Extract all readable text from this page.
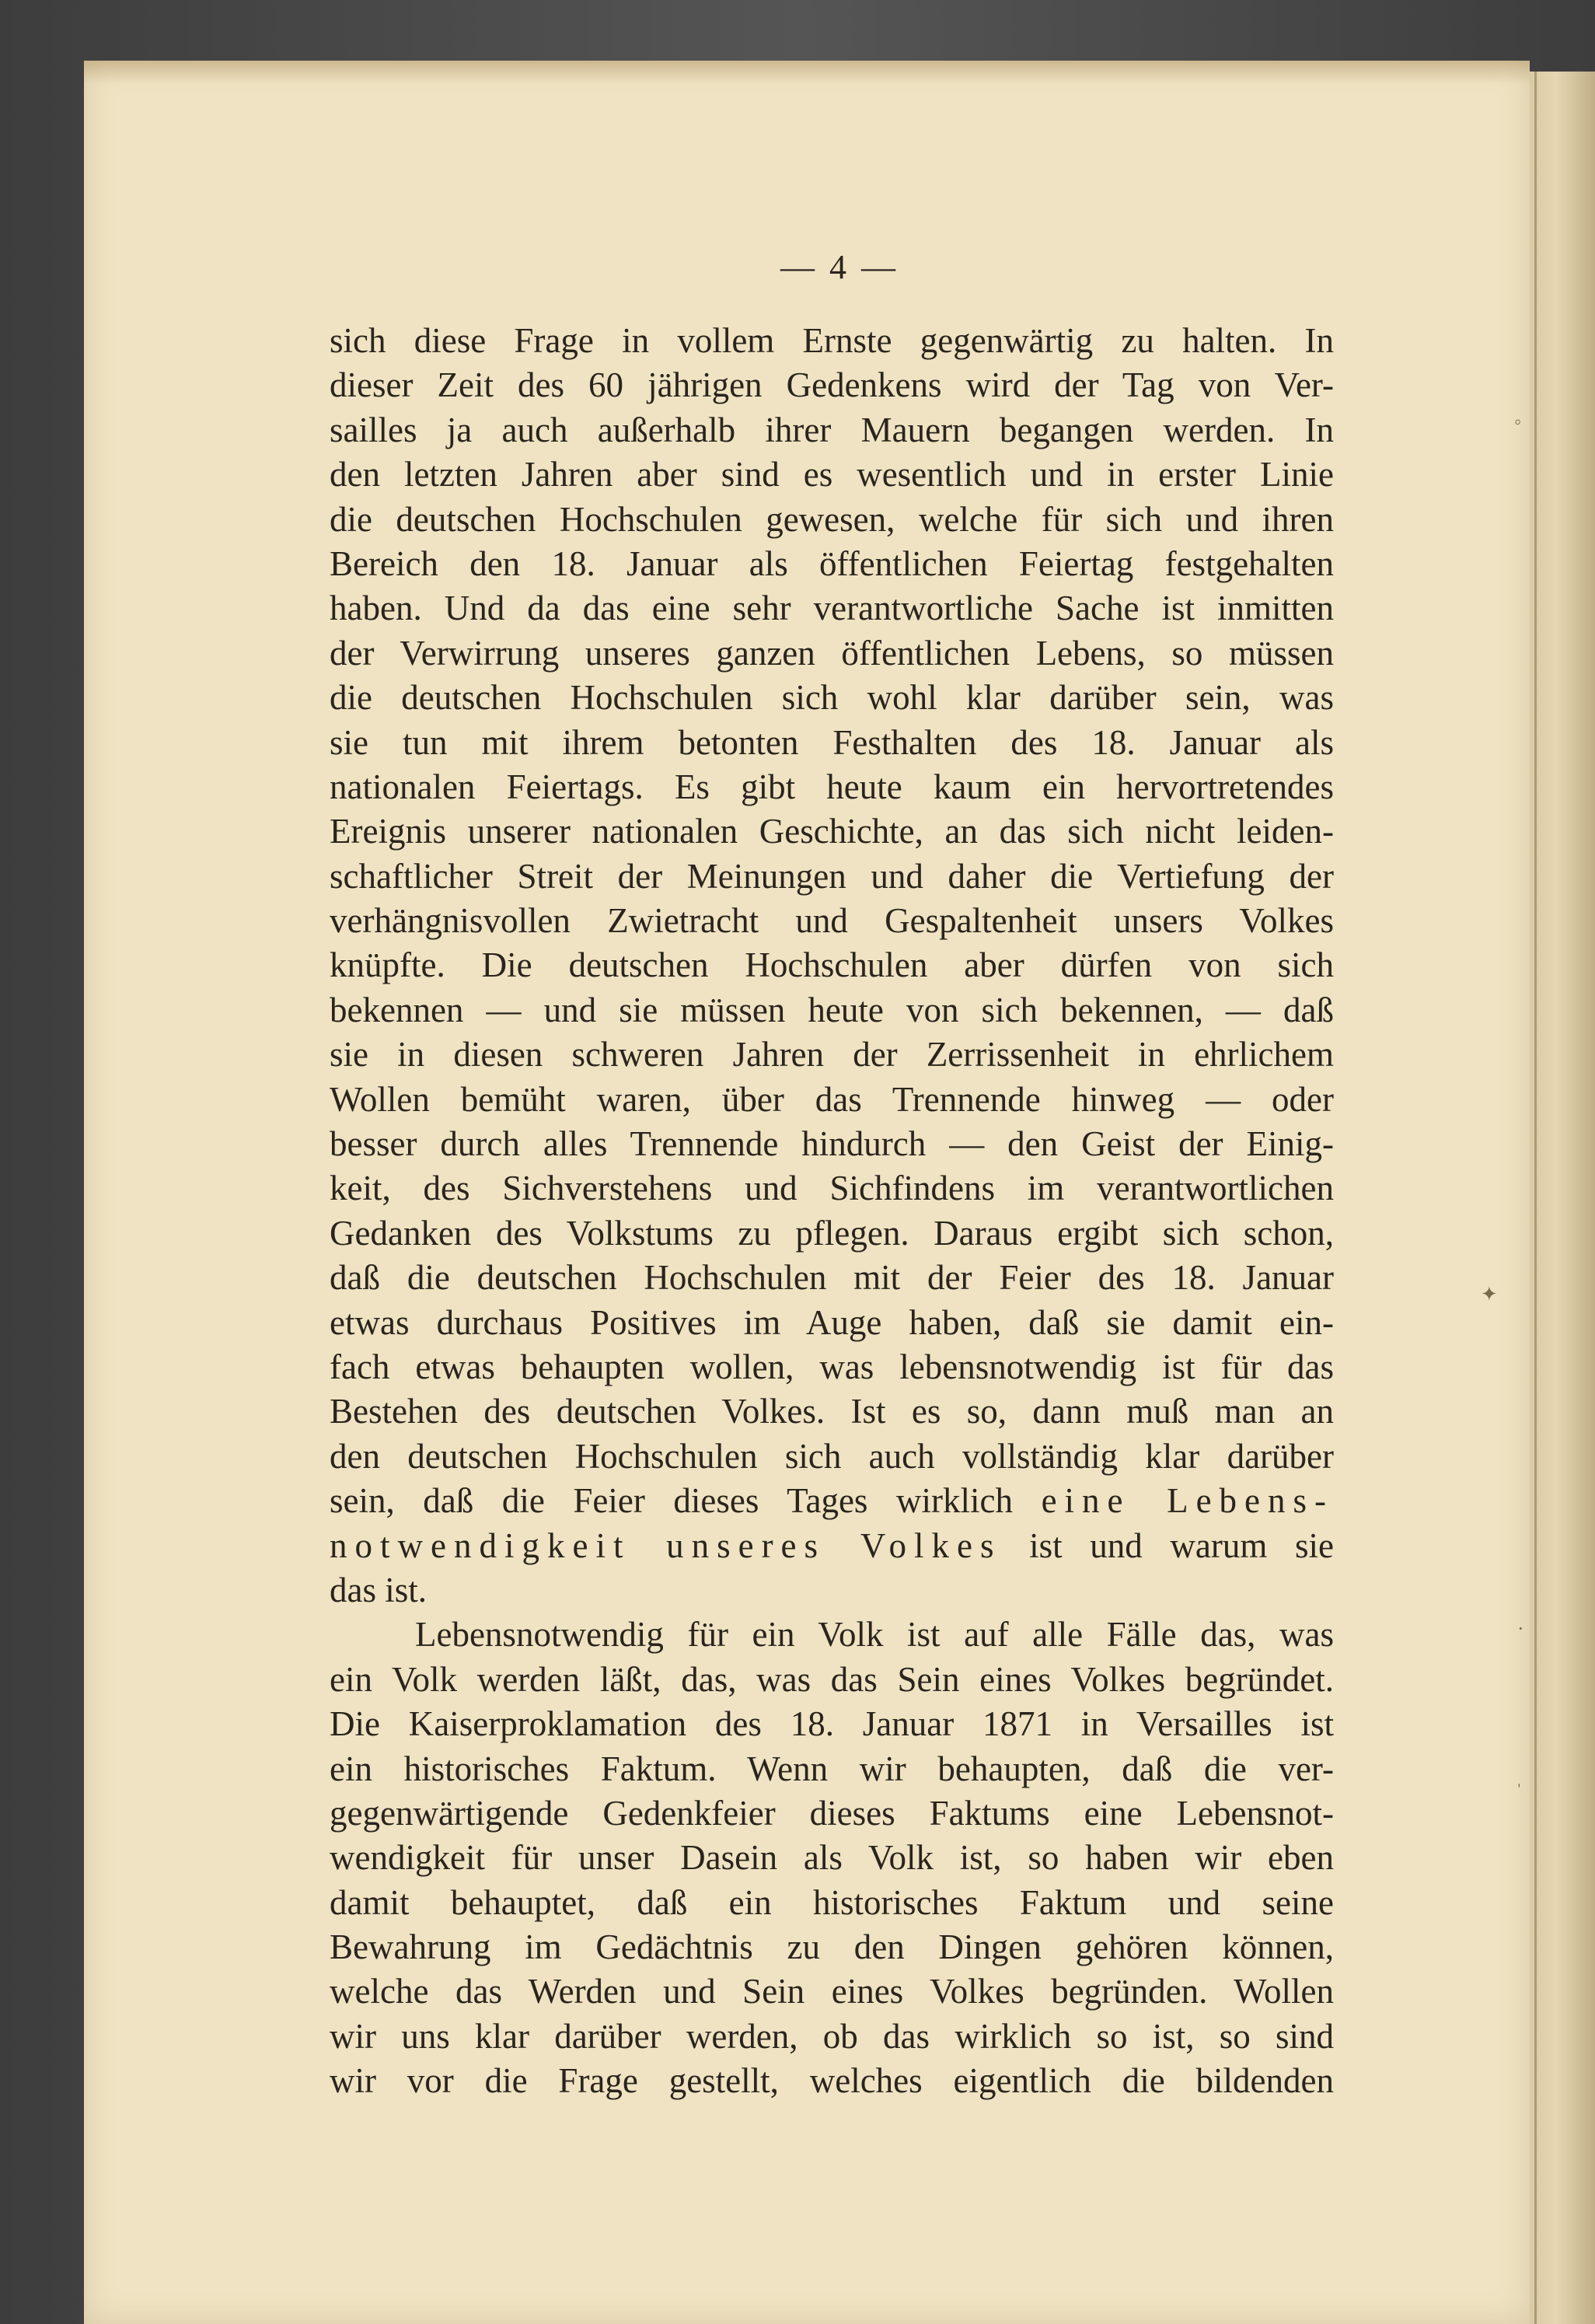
— 4 —
sich diese Frage in vollem Ernste gegenwärtig zu halten. In
dieser Zeit des 60 jährigen Gedenkens wird der Tag von Ver-
sailles ja auch außerhalb ihrer Mauern begangen werden. In
den letzten Jahren aber sind es wesentlich und in erster Linie
die deutschen Hochschulen gewesen, welche für sich und ihren
Bereich den 18. Januar als öffentlichen Feiertag festgehalten
haben. Und da das eine sehr verantwortliche Sache ist inmitten
der Verwirrung unseres ganzen öffentlichen Lebens, so müssen
die deutschen Hochschulen sich wohl klar darüber sein, was
sie tun mit ihrem betonten Festhalten des 18. Januar als
nationalen Feiertags. Es gibt heute kaum ein hervortretendes
Ereignis unserer nationalen Geschichte, an das sich nicht leiden-
schaftlicher Streit der Meinungen und daher die Vertiefung der
verhängnisvollen Zwietracht und Gespaltenheit unsers Volkes
knüpfte. Die deutschen Hochschulen aber dürfen von sich
bekennen — und sie müssen heute von sich bekennen, — daß
sie in diesen schweren Jahren der Zerrissenheit in ehrlichem
Wollen bemüht waren, über das Trennende hinweg — oder
besser durch alles Trennende hindurch — den Geist der Einig-
keit, des Sichverstehens und Sichfindens im verantwortlichen
Gedanken des Volkstums zu pflegen. Daraus ergibt sich schon,
daß die deutschen Hochschulen mit der Feier des 18. Januar
etwas durchaus Positives im Auge haben, daß sie damit ein-
fach etwas behaupten wollen, was lebensnotwendig ist für das
Bestehen des deutschen Volkes. Ist es so, dann muß man an
den deutschen Hochschulen sich auch vollständig klar darüber
sein, daß die Feier dieses Tages wirklich eine Lebens-
notwendigkeit unseres Volkes ist und warum sie
das ist.
Lebensnotwendig für ein Volk ist auf alle Fälle das, was
ein Volk werden läßt, das, was das Sein eines Volkes begründet.
Die Kaiserproklamation des 18. Januar 1871 in Versailles ist
ein historisches Faktum. Wenn wir behaupten, daß die ver-
gegenwärtigende Gedenkfeier dieses Faktums eine Lebensnot-
wendigkeit für unser Dasein als Volk ist, so haben wir eben
damit behauptet, daß ein historisches Faktum und seine
Bewahrung im Gedächtnis zu den Dingen gehören können,
welche das Werden und Sein eines Volkes begründen. Wollen
wir uns klar darüber werden, ob das wirklich so ist, so sind
wir vor die Frage gestellt, welches eigentlich die bildenden
◦
✦
·
ˈ
